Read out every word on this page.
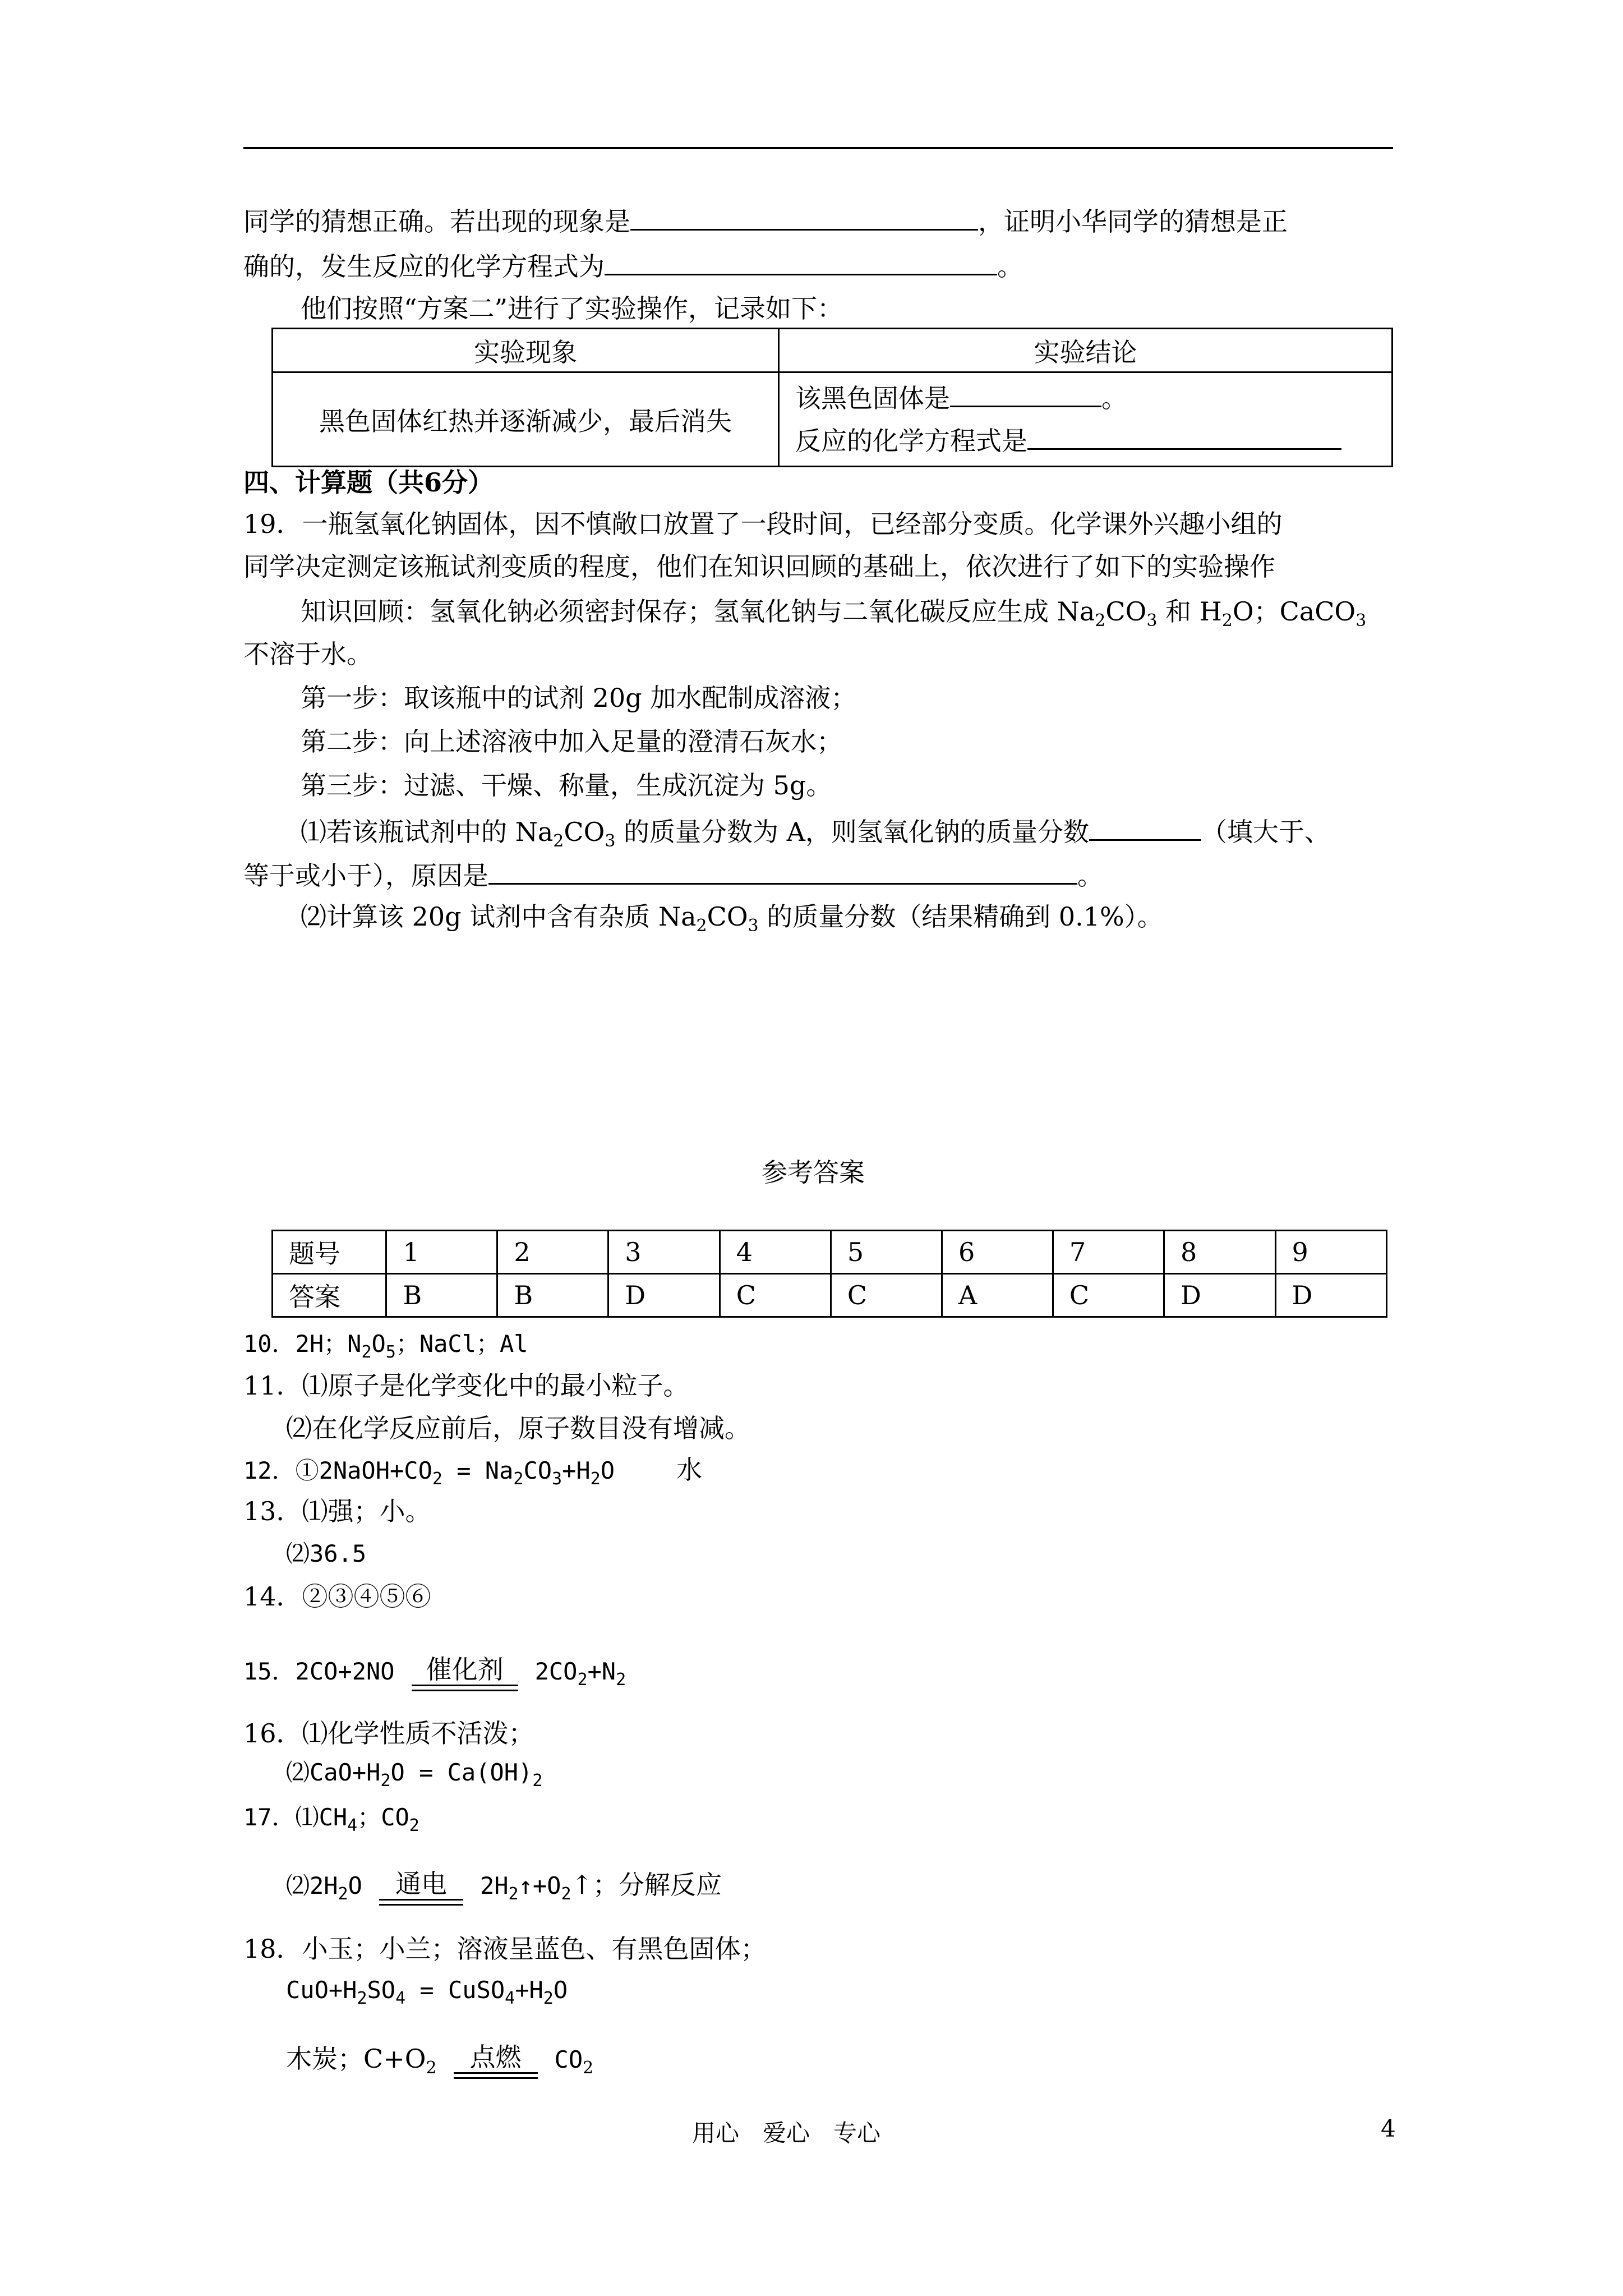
同学的猜想正确。若出现的现象是	，证明小华同学的猜想是正
确的，发生反应的化学方程式为	。
他们按照“方案二”进行了实验操作，记录如下：
实验现象	实验结论
黑色固体红热并逐渐减少，最后消失	该黑色固体是 。
反应的化学方程式是
四、计算题（共6分）
19．一瓶氢氧化钠固体，因不慎敞口放置了一段时间，已经部分变质。化学课外兴趣小组的
同学决定测定该瓶试剂变质的程度，他们在知识回顾的基础上，依次进行了如下的实验操作
知识回顾：氢氧化钠必须密封保存；氢氧化钠与二氧化碳反应生成 $Na_2CO_3$ 和 $H_2O$；CaCO$_3$
不溶于水。
第一步：取该瓶中的试剂 20g 加水配制成溶液；
第二步：向上述溶液中加入足量的澄清石灰水；
第三步：过滤、干燥、称量，生成沉淀为 5g。
⑴若该瓶试剂中的 $Na_2CO_3$ 的质量分数为 A，则氢氧化钠的质量分数	（填大于、
等于或小于），原因是	。
⑵计算该 20g 试剂中含有杂质 $Na_2CO_3$ 的质量分数（结果精确到 0.1%）。
参考答案
题号	1	2	3	4	5	6	7	8	9
答案	B	B	D	C	C	A	C	D	D
10．2H；$N_2O_5$；NaCl；Al
11．⑴原子是化学变化中的最小粒子。
⑵在化学反应前后，原子数目没有增减。
12．$①2NaOH+CO_2 = Na_2CO_3+H_2O$ 水
13．⑴强；小。
⑵36.5
14．②③④⑤⑥
15．2CO+2NO	催化剂	$2CO_2+N_2$
16．⑴化学性质不活泼；
$⑵CaO+H_2O = Ca(OH)_2$
17．$⑴CH_4$；$CO_2$
$⑵2H_2O$	通电	$2H_2↑+O_2↑$；分解反应
18．小玉；小兰；溶液呈蓝色、有黑色固体；
$CuO+H_2SO_4$ = $CuSO_4+H_2O$
木炭；$C+O_2$	点燃	$CO_2$
用心　爱心　专心	4
